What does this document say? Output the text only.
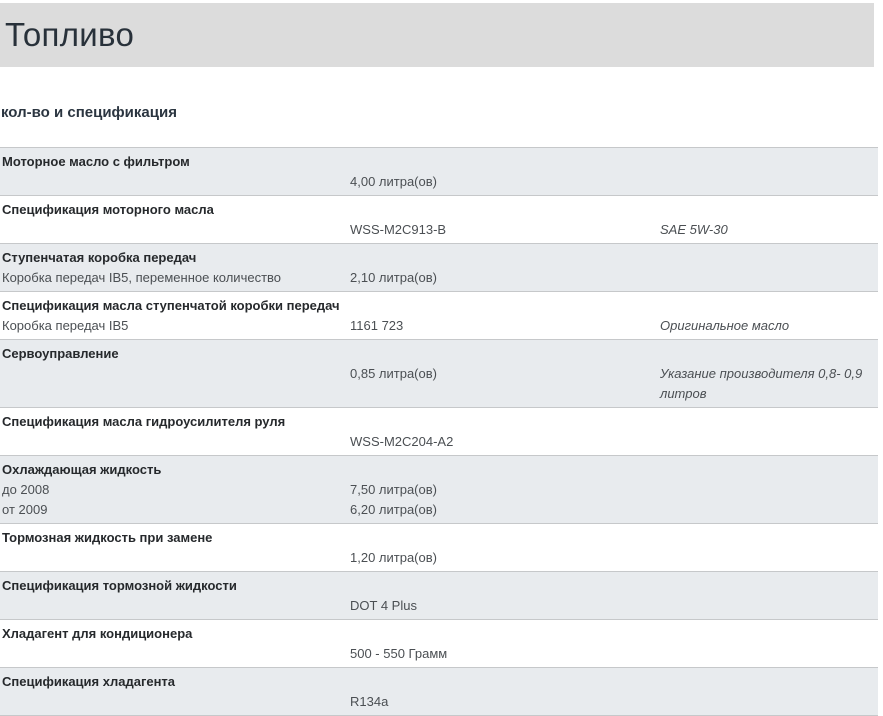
Топливо
кол-во и спецификация
Моторное масло с фильтром
4,00 литра(ов)
Спецификация моторного масла
WSS-M2C913-B	SAE 5W-30
Ступенчатая коробка передач
Коробка передач IB5, переменное количество	2,10 литра(ов)
Спецификация масла ступенчатой коробки передач
Коробка передач IB5	1161 723	Оригинальное масло
Сервоуправление
0,85 литра(ов)	Указание производителя 0,8- 0,9 литров
Спецификация масла гидроусилителя руля
WSS-M2C204-A2
Охлаждающая жидкость
до 2008	7,50 литра(ов)
от 2009	6,20 литра(ов)
Тормозная жидкость при замене
1,20 литра(ов)
Спецификация тормозной жидкости
DOT 4 Plus
Хладагент для кондиционера
500 - 550 Грамм
Спецификация хладагента
R134a
